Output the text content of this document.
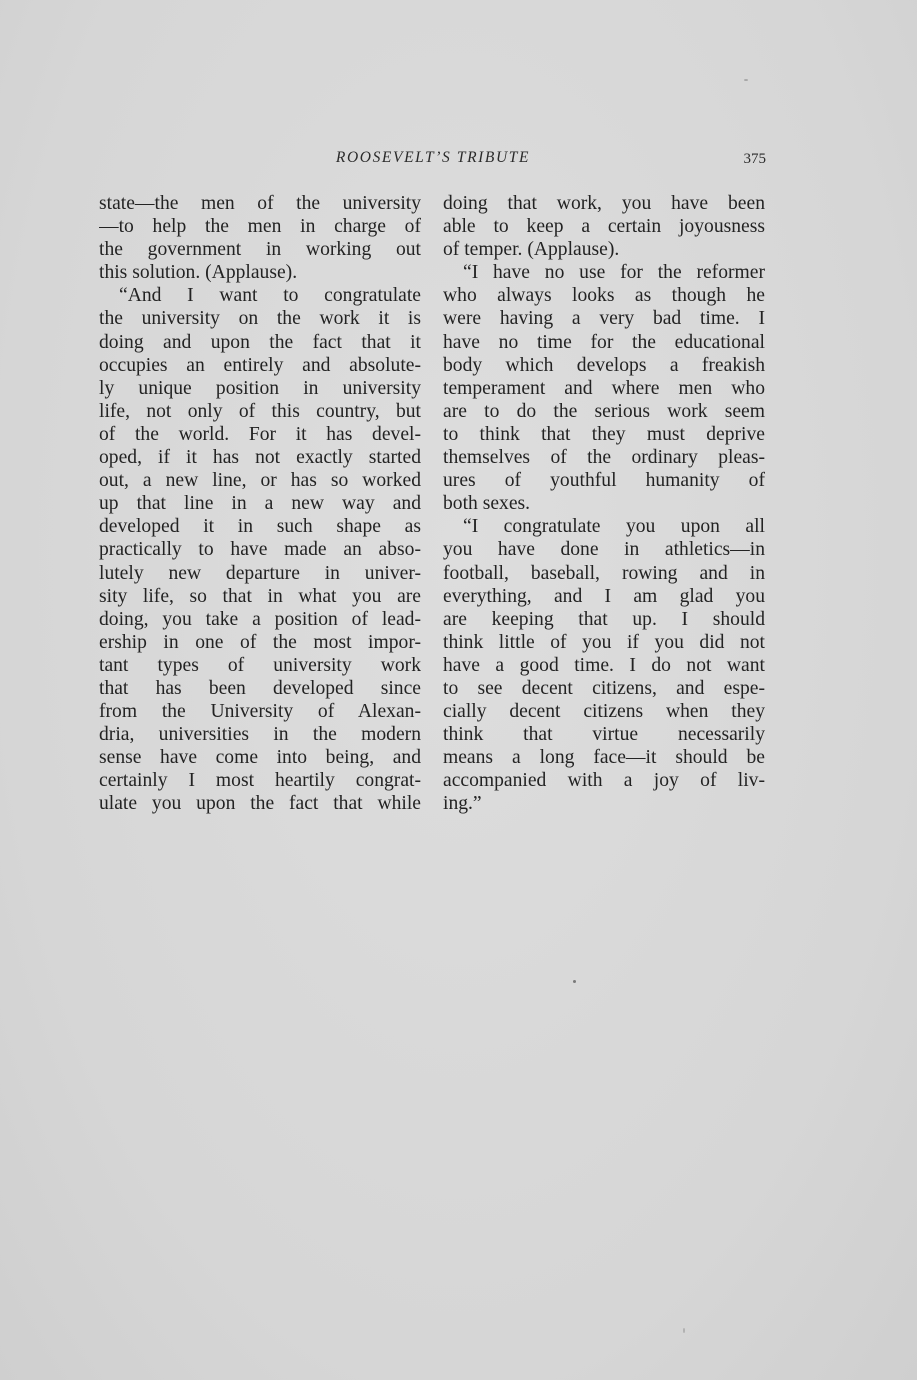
ROOSEVELT’S TRIBUTE	375
state—the men of the university
—to help the men in charge of
the government in working out
this solution. (Applause).
“And I want to congratulate
the university on the work it is
doing and upon the fact that it
occupies an entirely and absolute-
ly unique position in university
life, not only of this country, but
of the world. For it has devel-
oped, if it has not exactly started
out, a new line, or has so worked
up that line in a new way and
developed it in such shape as
practically to have made an abso-
lutely new departure in univer-
sity life, so that in what you are
doing, you take a position of lead-
ership in one of the most impor-
tant types of university work
that has been developed since
from the University of Alexan-
dria, universities in the modern
sense have come into being, and
certainly I most heartily congrat-
ulate you upon the fact that while
doing that work, you have been
able to keep a certain joyousness
of temper. (Applause).
“I have no use for the reformer
who always looks as though he
were having a very bad time. I
have no time for the educational
body which develops a freakish
temperament and where men who
are to do the serious work seem
to think that they must deprive
themselves of the ordinary pleas-
ures of youthful humanity of
both sexes.
“I congratulate you upon all
you have done in athletics—in
football, baseball, rowing and in
everything, and I am glad you
are keeping that up. I should
think little of you if you did not
have a good time. I do not want
to see decent citizens, and espe-
cially decent citizens when they
think that virtue necessarily
means a long face—it should be
accompanied with a joy of liv-
ing.”
